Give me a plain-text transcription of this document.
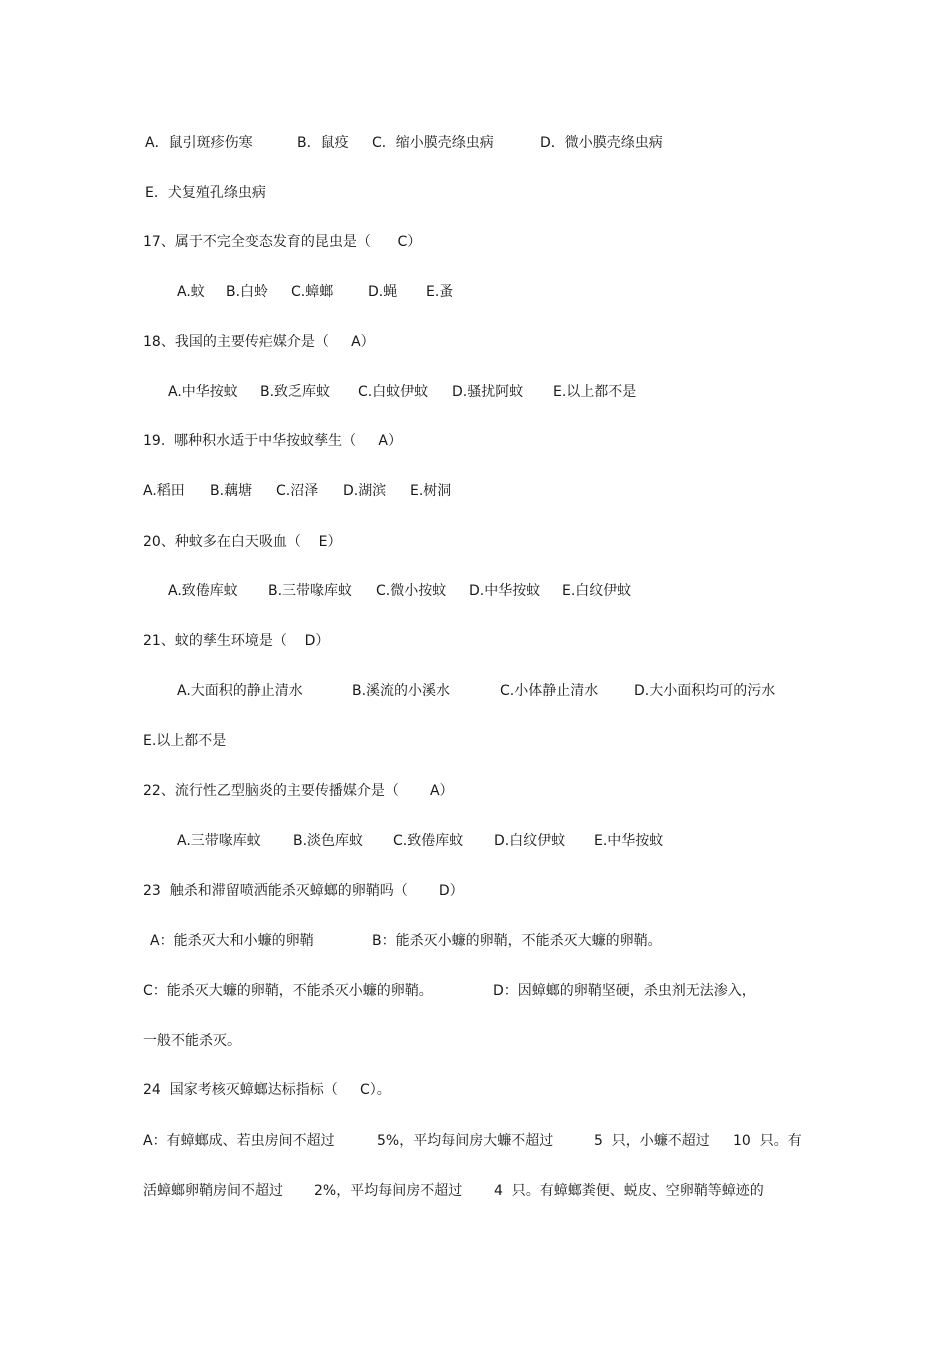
A．鼠引斑疹伤寒

	B．鼠疫

C．缩小膜壳绦虫病

	D．微小膜壳绦虫病

E．犬复殖孔绦虫病

17、属于不完全变态发育的昆虫是（      C）

A.蚊

B.白蛉

C.蟑螂

D.蝇

E.蚤

18、我国的主要传疟媒介是（     A）

A.中华按蚊

B.致乏库蚊

C.白蚊伊蚊

D.骚扰阿蚊

E.以上都不是

19.  哪种积水适于中华按蚊孳生（     A）

A.稻田

B.藕塘

C.沼泽

D.湖滨

E.树洞

20、种蚊多在白天吸血（    E）

A.致倦库蚊

B.三带喙库蚊

C.微小按蚊

D.中华按蚊

E.白纹伊蚊

21、蚊的孳生环境是（    D）

A.大面积的静止清水

	B.溪流的小溪水

	C.小体静止清水

	D.大小面积均可的污水

E.以上都不是

22、流行性乙型脑炎的主要传播媒介是（       A）

A.三带喙库蚊

B.淡色库蚊

C.致倦库蚊

D.白纹伊蚊

E.中华按蚊

23  触杀和滞留喷洒能杀灭蟑螂的卵鞘吗（       D）

A：能杀灭大和小蠊的卵鞘

	B：能杀灭小蠊的卵鞘，不能杀灭大蠊的卵鞘。

C：能杀灭大蠊的卵鞘，不能杀灭小蠊的卵鞘。

	D：因蟑螂的卵鞘坚硬，杀虫剂无法渗入，

一般不能杀灭。

24  国家考核灭蟑螂达标指标（     C）。

A：有蟑螂成、若虫房间不超过

	5%，平均每间房大蠊不超过

	5  只，小蠊不超过

10  只。有

活蟑螂卵鞘房间不超过

2%，平均每间房不超过

4  只。有蟑螂粪便、蜕皮、空卵鞘等蟑迹的
